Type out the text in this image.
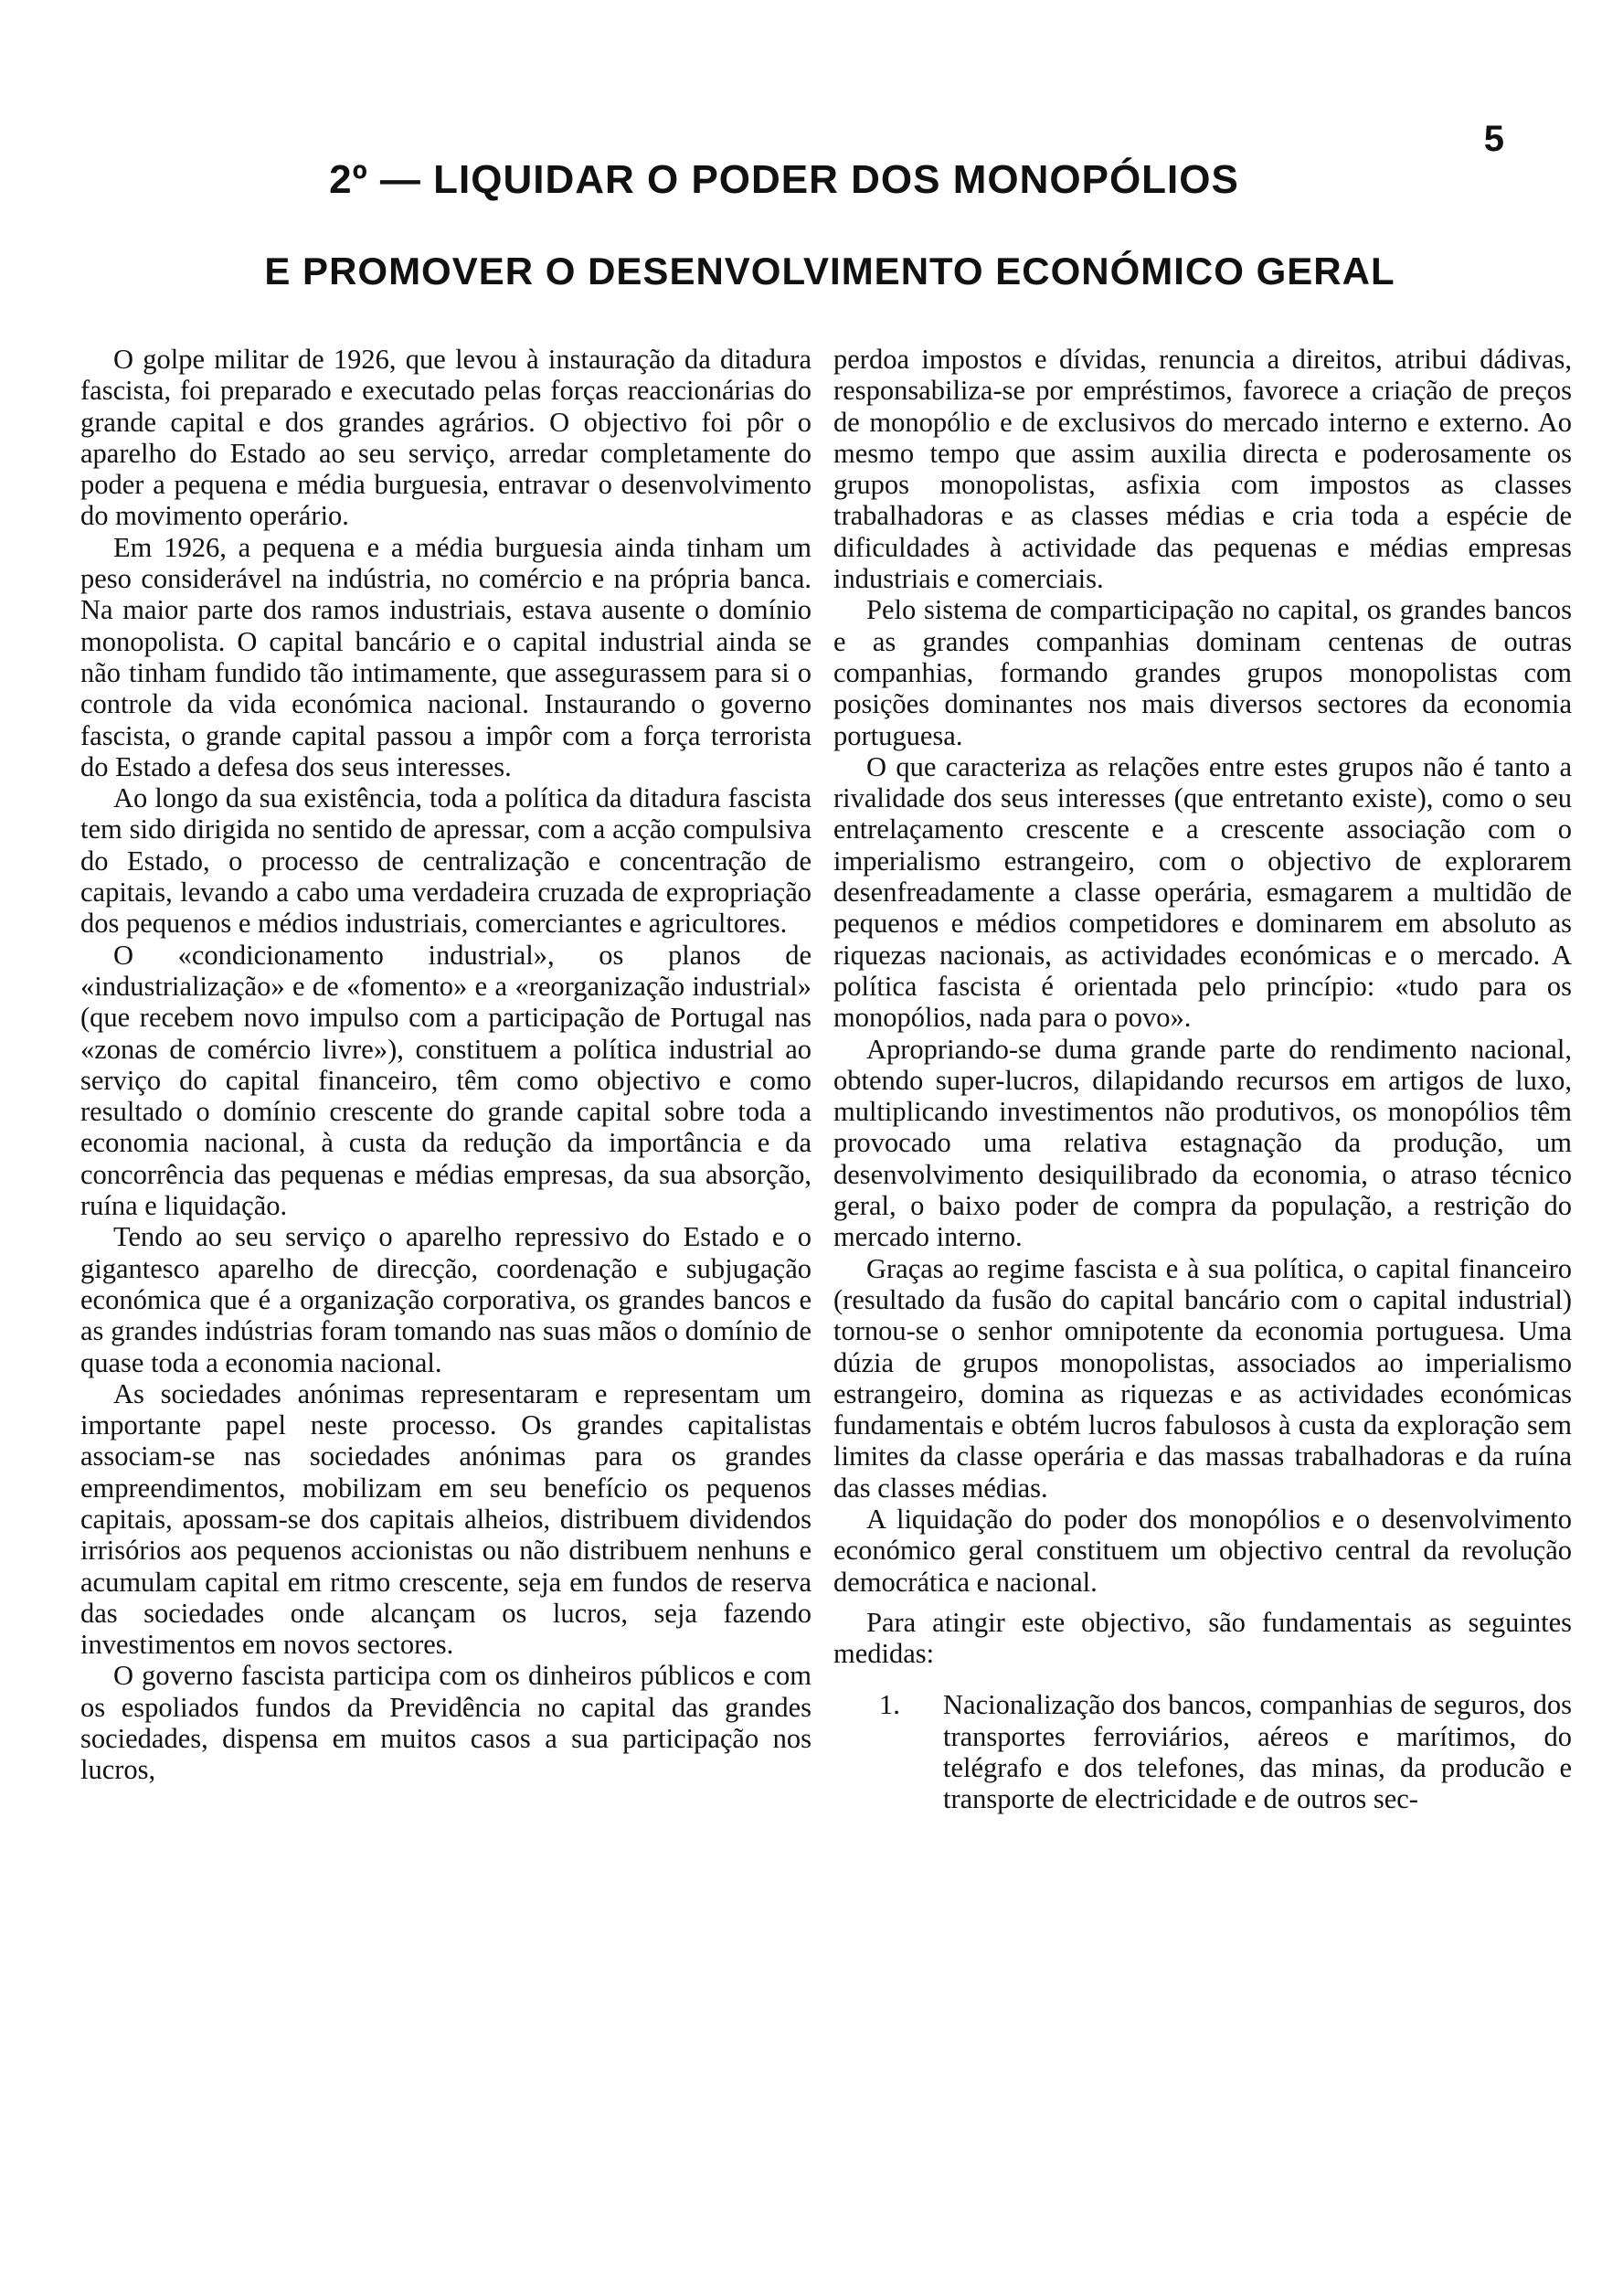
5
2º — LIQUIDAR O PODER DOS MONOPÓLIOS
E PROMOVER O DESENVOLVIMENTO ECONÓMICO GERAL

O golpe militar de 1926, que levou à instauração da ditadura fascista, foi preparado e executado pelas forças reaccionárias do grande capital e dos grandes agrários. O objectivo foi pôr o aparelho do Estado ao seu serviço, arredar completamente do poder a pequena e média burguesia, entravar o desenvolvimento do movimento operário.

Em 1926, a pequena e a média burguesia ainda tinham um peso considerável na indústria, no comércio e na própria banca. Na maior parte dos ramos industriais, estava ausente o domínio monopolista. O capital bancário e o capital industrial ainda se não tinham fundido tão intimamente, que assegurassem para si o controle da vida económica nacional. Instaurando o governo fascista, o grande capital passou a impôr com a força terrorista do Estado a defesa dos seus interesses.

Ao longo da sua existência, toda a política da ditadura fascista tem sido dirigida no sentido de apressar, com a acção compulsiva do Estado, o processo de centralização e concentração de capitais, levando a cabo uma verdadeira cruzada de expropriação dos pequenos e médios industriais, comerciantes e agricultores.

O «condicionamento industrial», os planos de «industrialização» e de «fomento» e a «reorganização industrial» (que recebem novo impulso com a participação de Portugal nas «zonas de comércio livre»), constituem a política industrial ao serviço do capital financeiro, têm como objectivo e como resultado o domínio crescente do grande capital sobre toda a economia nacional, à custa da redução da importância e da concorrência das pequenas e médias empresas, da sua absorção, ruína e liquidação.

Tendo ao seu serviço o aparelho repressivo do Estado e o gigantesco aparelho de direcção, coordenação e subjugação económica que é a organização corporativa, os grandes bancos e as grandes indústrias foram tomando nas suas mãos o domínio de quase toda a economia nacional.

As sociedades anónimas representaram e representam um importante papel neste processo. Os grandes capitalistas associam-se nas sociedades anónimas para os grandes empreendimentos, mobilizam em seu benefício os pequenos capitais, apossam-se dos capitais alheios, distribuem dividendos irrisórios aos pequenos accionistas ou não distribuem nenhuns e acumulam capital em ritmo crescente, seja em fundos de reserva das sociedades onde alcançam os lucros, seja fazendo investimentos em novos sectores.

O governo fascista participa com os dinheiros públicos e com os espoliados fundos da Previdência no capital das grandes sociedades, dispensa em muitos casos a sua participação nos lucros,

perdoa impostos e dívidas, renuncia a direitos, atribui dádivas, responsabiliza-se por empréstimos, favorece a criação de preços de monopólio e de exclusivos do mercado interno e externo. Ao mesmo tempo que assim auxilia directa e poderosamente os grupos monopolistas, asfixia com impostos as classes trabalhadoras e as classes médias e cria toda a espécie de dificuldades à actividade das pequenas e médias empresas industriais e comerciais.

Pelo sistema de comparticipação no capital, os grandes bancos e as grandes companhias dominam centenas de outras companhias, formando grandes grupos monopolistas com posições dominantes nos mais diversos sectores da economia portuguesa.

O que caracteriza as relações entre estes grupos não é tanto a rivalidade dos seus interesses (que entretanto existe), como o seu entrelaçamento crescente e a crescente associação com o imperialismo estrangeiro, com o objectivo de explorarem desenfreadamente a classe operária, esmagarem a multidão de pequenos e médios competidores e dominarem em absoluto as riquezas nacionais, as actividades económicas e o mercado. A política fascista é orientada pelo princípio: «tudo para os monopólios, nada para o povo».

Apropriando-se duma grande parte do rendimento nacional, obtendo super-lucros, dilapidando recursos em artigos de luxo, multiplicando investimentos não produtivos, os monopólios têm provocado uma relativa estagnação da produção, um desenvolvimento desiquilibrado da economia, o atraso técnico geral, o baixo poder de compra da população, a restrição do mercado interno.

Graças ao regime fascista e à sua política, o capital financeiro (resultado da fusão do capital bancário com o capital industrial) tornou-se o senhor omnipotente da economia portuguesa. Uma dúzia de grupos monopolistas, associados ao imperialismo estrangeiro, domina as riquezas e as actividades económicas fundamentais e obtém lucros fabulosos à custa da exploração sem limites da classe operária e das massas trabalhadoras e da ruína das classes médias.

A liquidação do poder dos monopólios e o desenvolvimento económico geral constituem um objectivo central da revolução democrática e nacional.

Para atingir este objectivo, são fundamentais as seguintes medidas:

1.	Nacionalização dos bancos, companhias de seguros, dos transportes ferroviários, aéreos e marítimos, do telégrafo e dos telefones, das minas, da producão e transporte de electricidade e de outros sec-
